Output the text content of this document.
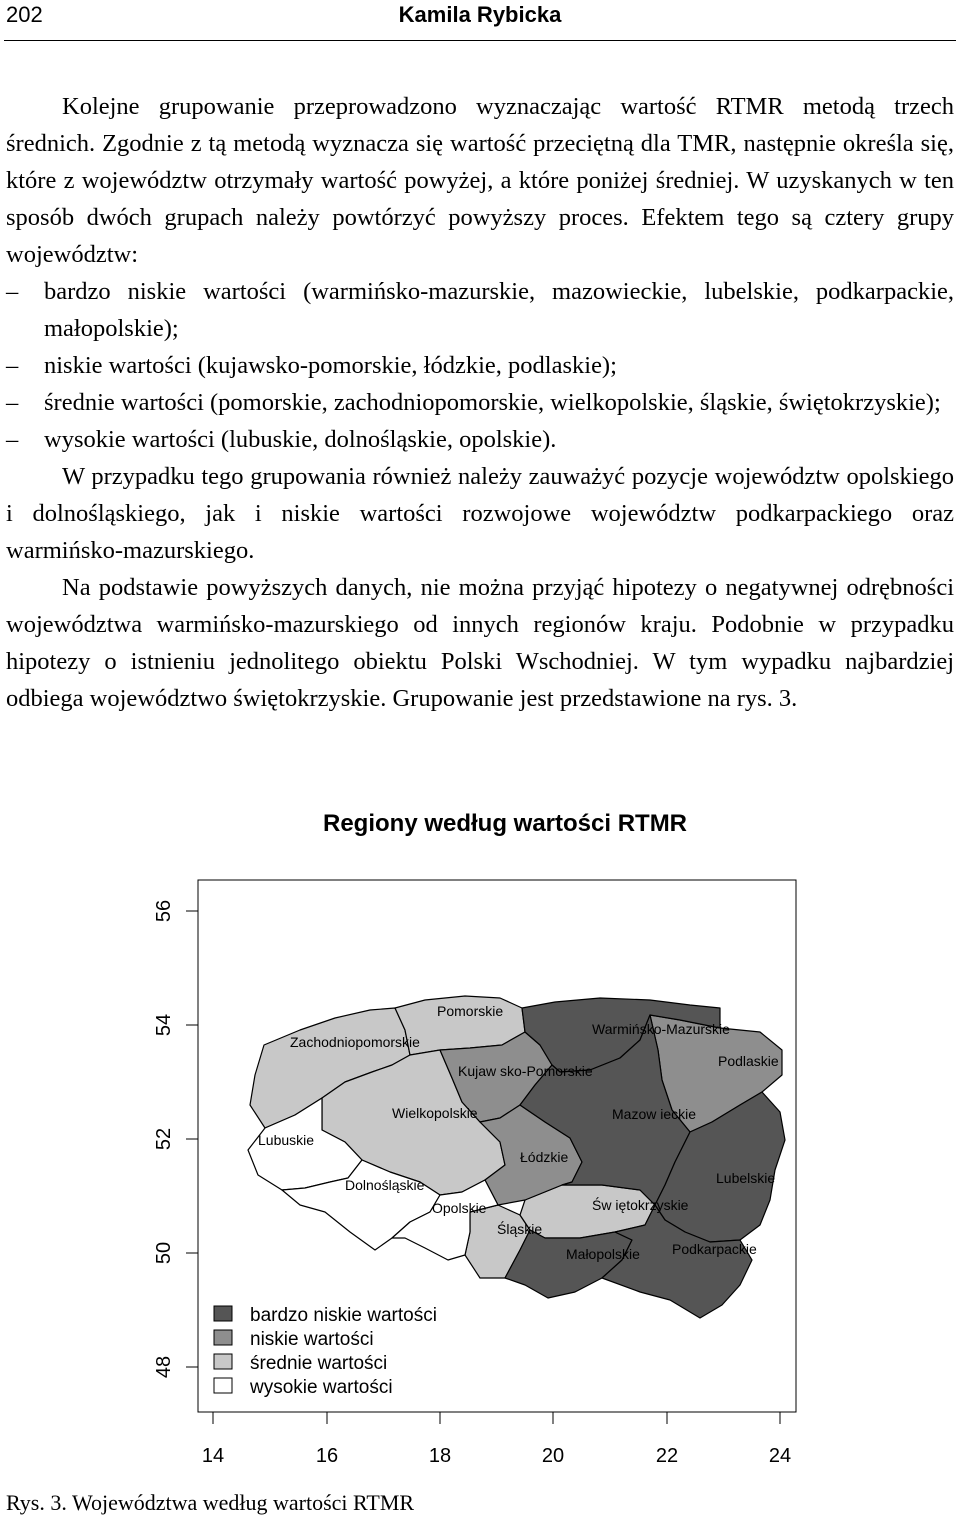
202	Kamila Rybicka

Kolejne grupowanie przeprowadzono wyznaczając wartość RTMR metodą trzech średnich. Zgodnie z tą metodą wyznacza się wartość przeciętną dla TMR, następnie określa się, które z województw otrzymały wartość powyżej, a które poniżej średniej. W uzyskanych w ten sposób dwóch grupach należy powtórzyć powyższy proces. Efektem tego są cztery grupy województw:

– bardzo niskie wartości (warmińsko-mazurskie, mazowieckie, lubelskie, podkarpackie, małopolskie);
– niskie wartości (kujawsko-pomorskie, łódzkie, podlaskie);
– średnie wartości (pomorskie, zachodniopomorskie, wielkopolskie, śląskie, świętokrzyskie);
– wysokie wartości (lubuskie, dolnośląskie, opolskie).

W przypadku tego grupowania również należy zauważyć pozycje województw opolskiego i dolnośląskiego, jak i niskie wartości rozwojowe województw podkarpackiego oraz warmińsko-mazurskiego.

Na podstawie powyższych danych, nie można przyjąć hipotezy o negatywnej odrębności województwa warmińsko-mazurskiego od innych regionów kraju. Podobnie w przypadku hipotezy o istnieniu jednolitego obiektu Polski Wschodniej. W tym wypadku najbardziej odbiega województwo świętokrzyskie. Grupowanie jest przedstawione na rys. 3.

Regiony według wartości RTMR
48
50
52
54
56
14	16	18	20	22	24
Pomorskie
Zachodniopomorskie
Warmińsko-Mazurskie
Podlaskie
Kujaw sko-Pomorskie
Wielkopolskie	Mazow ieckie
Lubuskie
Łódzkie
Lubelskie
Dolnośląskie
Opolskie	Św iętokrzyskie
Śląskie
Małopolskie Podkarpackie
bardzo niskie wartości
niskie wartości
średnie wartości
wysokie wartości
Rys. 3. Województwa według wartości RTMR
